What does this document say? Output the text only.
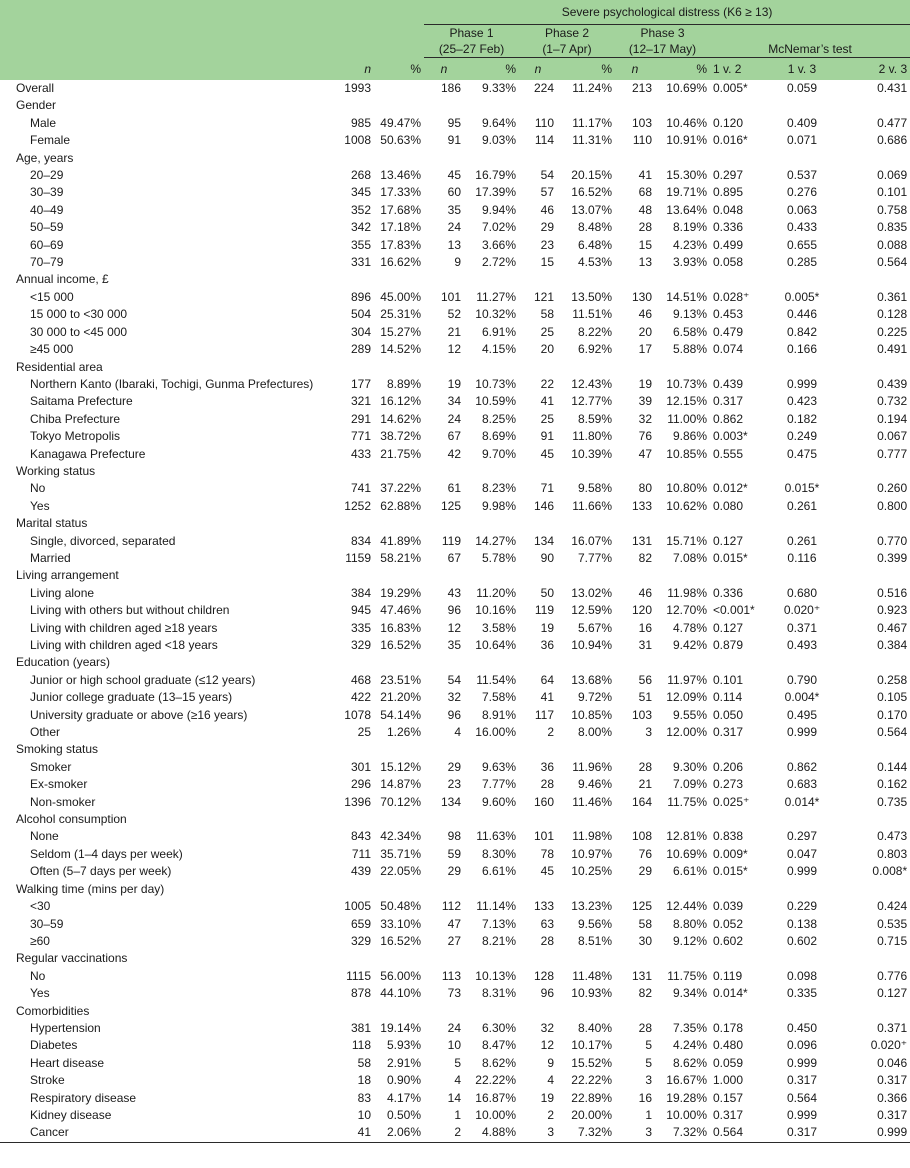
			Severe psychological distress (K6 ≥ 13)								
			Phase 1		Phase 2		Phase 3				
			(25–27 Feb)		(1–7 Apr)		(12–17 May)		McNemar’s test		
	n	%	n	%	n	%	n	%	1 v. 2	1 v. 3	2 v. 3
Overall	1993		186	9.33%	224	11.24%	213	10.69%	0.005*	0.059	0.431
Gender											
Male	985	49.47%	95	9.64%	110	11.17%	103	10.46%	0.120	0.409	0.477
Female	1008	50.63%	91	9.03%	114	11.31%	110	10.91%	0.016*	0.071	0.686
Age, years											
20–29	268	13.46%	45	16.79%	54	20.15%	41	15.30%	0.297	0.537	0.069
30–39	345	17.33%	60	17.39%	57	16.52%	68	19.71%	0.895	0.276	0.101
40–49	352	17.68%	35	9.94%	46	13.07%	48	13.64%	0.048	0.063	0.758
50–59	342	17.18%	24	7.02%	29	8.48%	28	8.19%	0.336	0.433	0.835
60–69	355	17.83%	13	3.66%	23	6.48%	15	4.23%	0.499	0.655	0.088
70–79	331	16.62%	9	2.72%	15	4.53%	13	3.93%	0.058	0.285	0.564
Annual income, £											
<15 000	896	45.00%	101	11.27%	121	13.50%	130	14.51%	0.028⁺	0.005*	0.361
15 000 to <30 000	504	25.31%	52	10.32%	58	11.51%	46	9.13%	0.453	0.446	0.128
30 000 to <45 000	304	15.27%	21	6.91%	25	8.22%	20	6.58%	0.479	0.842	0.225
≥45 000	289	14.52%	12	4.15%	20	6.92%	17	5.88%	0.074	0.166	0.491
Residential area											
Northern Kanto (Ibaraki, Tochigi, Gunma Prefectures)	177	8.89%	19	10.73%	22	12.43%	19	10.73%	0.439	0.999	0.439
Saitama Prefecture	321	16.12%	34	10.59%	41	12.77%	39	12.15%	0.317	0.423	0.732
Chiba Prefecture	291	14.62%	24	8.25%	25	8.59%	32	11.00%	0.862	0.182	0.194
Tokyo Metropolis	771	38.72%	67	8.69%	91	11.80%	76	9.86%	0.003*	0.249	0.067
Kanagawa Prefecture	433	21.75%	42	9.70%	45	10.39%	47	10.85%	0.555	0.475	0.777
Working status											
No	741	37.22%	61	8.23%	71	9.58%	80	10.80%	0.012*	0.015*	0.260
Yes	1252	62.88%	125	9.98%	146	11.66%	133	10.62%	0.080	0.261	0.800
Marital status											
Single, divorced, separated	834	41.89%	119	14.27%	134	16.07%	131	15.71%	0.127	0.261	0.770
Married	1159	58.21%	67	5.78%	90	7.77%	82	7.08%	0.015*	0.116	0.399
Living arrangement											
Living alone	384	19.29%	43	11.20%	50	13.02%	46	11.98%	0.336	0.680	0.516
Living with others but without children	945	47.46%	96	10.16%	119	12.59%	120	12.70%	<0.001*	0.020⁺	0.923
Living with children aged ≥18 years	335	16.83%	12	3.58%	19	5.67%	16	4.78%	0.127	0.371	0.467
Living with children aged <18 years	329	16.52%	35	10.64%	36	10.94%	31	9.42%	0.879	0.493	0.384
Education (years)											
Junior or high school graduate (≤12 years)	468	23.51%	54	11.54%	64	13.68%	56	11.97%	0.101	0.790	0.258
Junior college graduate (13–15 years)	422	21.20%	32	7.58%	41	9.72%	51	12.09%	0.114	0.004*	0.105
University graduate or above (≥16 years)	1078	54.14%	96	8.91%	117	10.85%	103	9.55%	0.050	0.495	0.170
Other	25	1.26%	4	16.00%	2	8.00%	3	12.00%	0.317	0.999	0.564
Smoking status											
Smoker	301	15.12%	29	9.63%	36	11.96%	28	9.30%	0.206	0.862	0.144
Ex-smoker	296	14.87%	23	7.77%	28	9.46%	21	7.09%	0.273	0.683	0.162
Non-smoker	1396	70.12%	134	9.60%	160	11.46%	164	11.75%	0.025⁺	0.014*	0.735
Alcohol consumption											
None	843	42.34%	98	11.63%	101	11.98%	108	12.81%	0.838	0.297	0.473
Seldom (1–4 days per week)	711	35.71%	59	8.30%	78	10.97%	76	10.69%	0.009*	0.047	0.803
Often (5–7 days per week)	439	22.05%	29	6.61%	45	10.25%	29	6.61%	0.015*	0.999	0.008*
Walking time (mins per day)											
<30	1005	50.48%	112	11.14%	133	13.23%	125	12.44%	0.039	0.229	0.424
30–59	659	33.10%	47	7.13%	63	9.56%	58	8.80%	0.052	0.138	0.535
≥60	329	16.52%	27	8.21%	28	8.51%	30	9.12%	0.602	0.602	0.715
Regular vaccinations											
No	1115	56.00%	113	10.13%	128	11.48%	131	11.75%	0.119	0.098	0.776
Yes	878	44.10%	73	8.31%	96	10.93%	82	9.34%	0.014*	0.335	0.127
Comorbidities											
Hypertension	381	19.14%	24	6.30%	32	8.40%	28	7.35%	0.178	0.450	0.371
Diabetes	118	5.93%	10	8.47%	12	10.17%	5	4.24%	0.480	0.096	0.020⁺
Heart disease	58	2.91%	5	8.62%	9	15.52%	5	8.62%	0.059	0.999	0.046
Stroke	18	0.90%	4	22.22%	4	22.22%	3	16.67%	1.000	0.317	0.317
Respiratory disease	83	4.17%	14	16.87%	19	22.89%	16	19.28%	0.157	0.564	0.366
Kidney disease	10	0.50%	1	10.00%	2	20.00%	1	10.00%	0.317	0.999	0.317
Cancer	41	2.06%	2	4.88%	3	7.32%	3	7.32%	0.564	0.317	0.999
